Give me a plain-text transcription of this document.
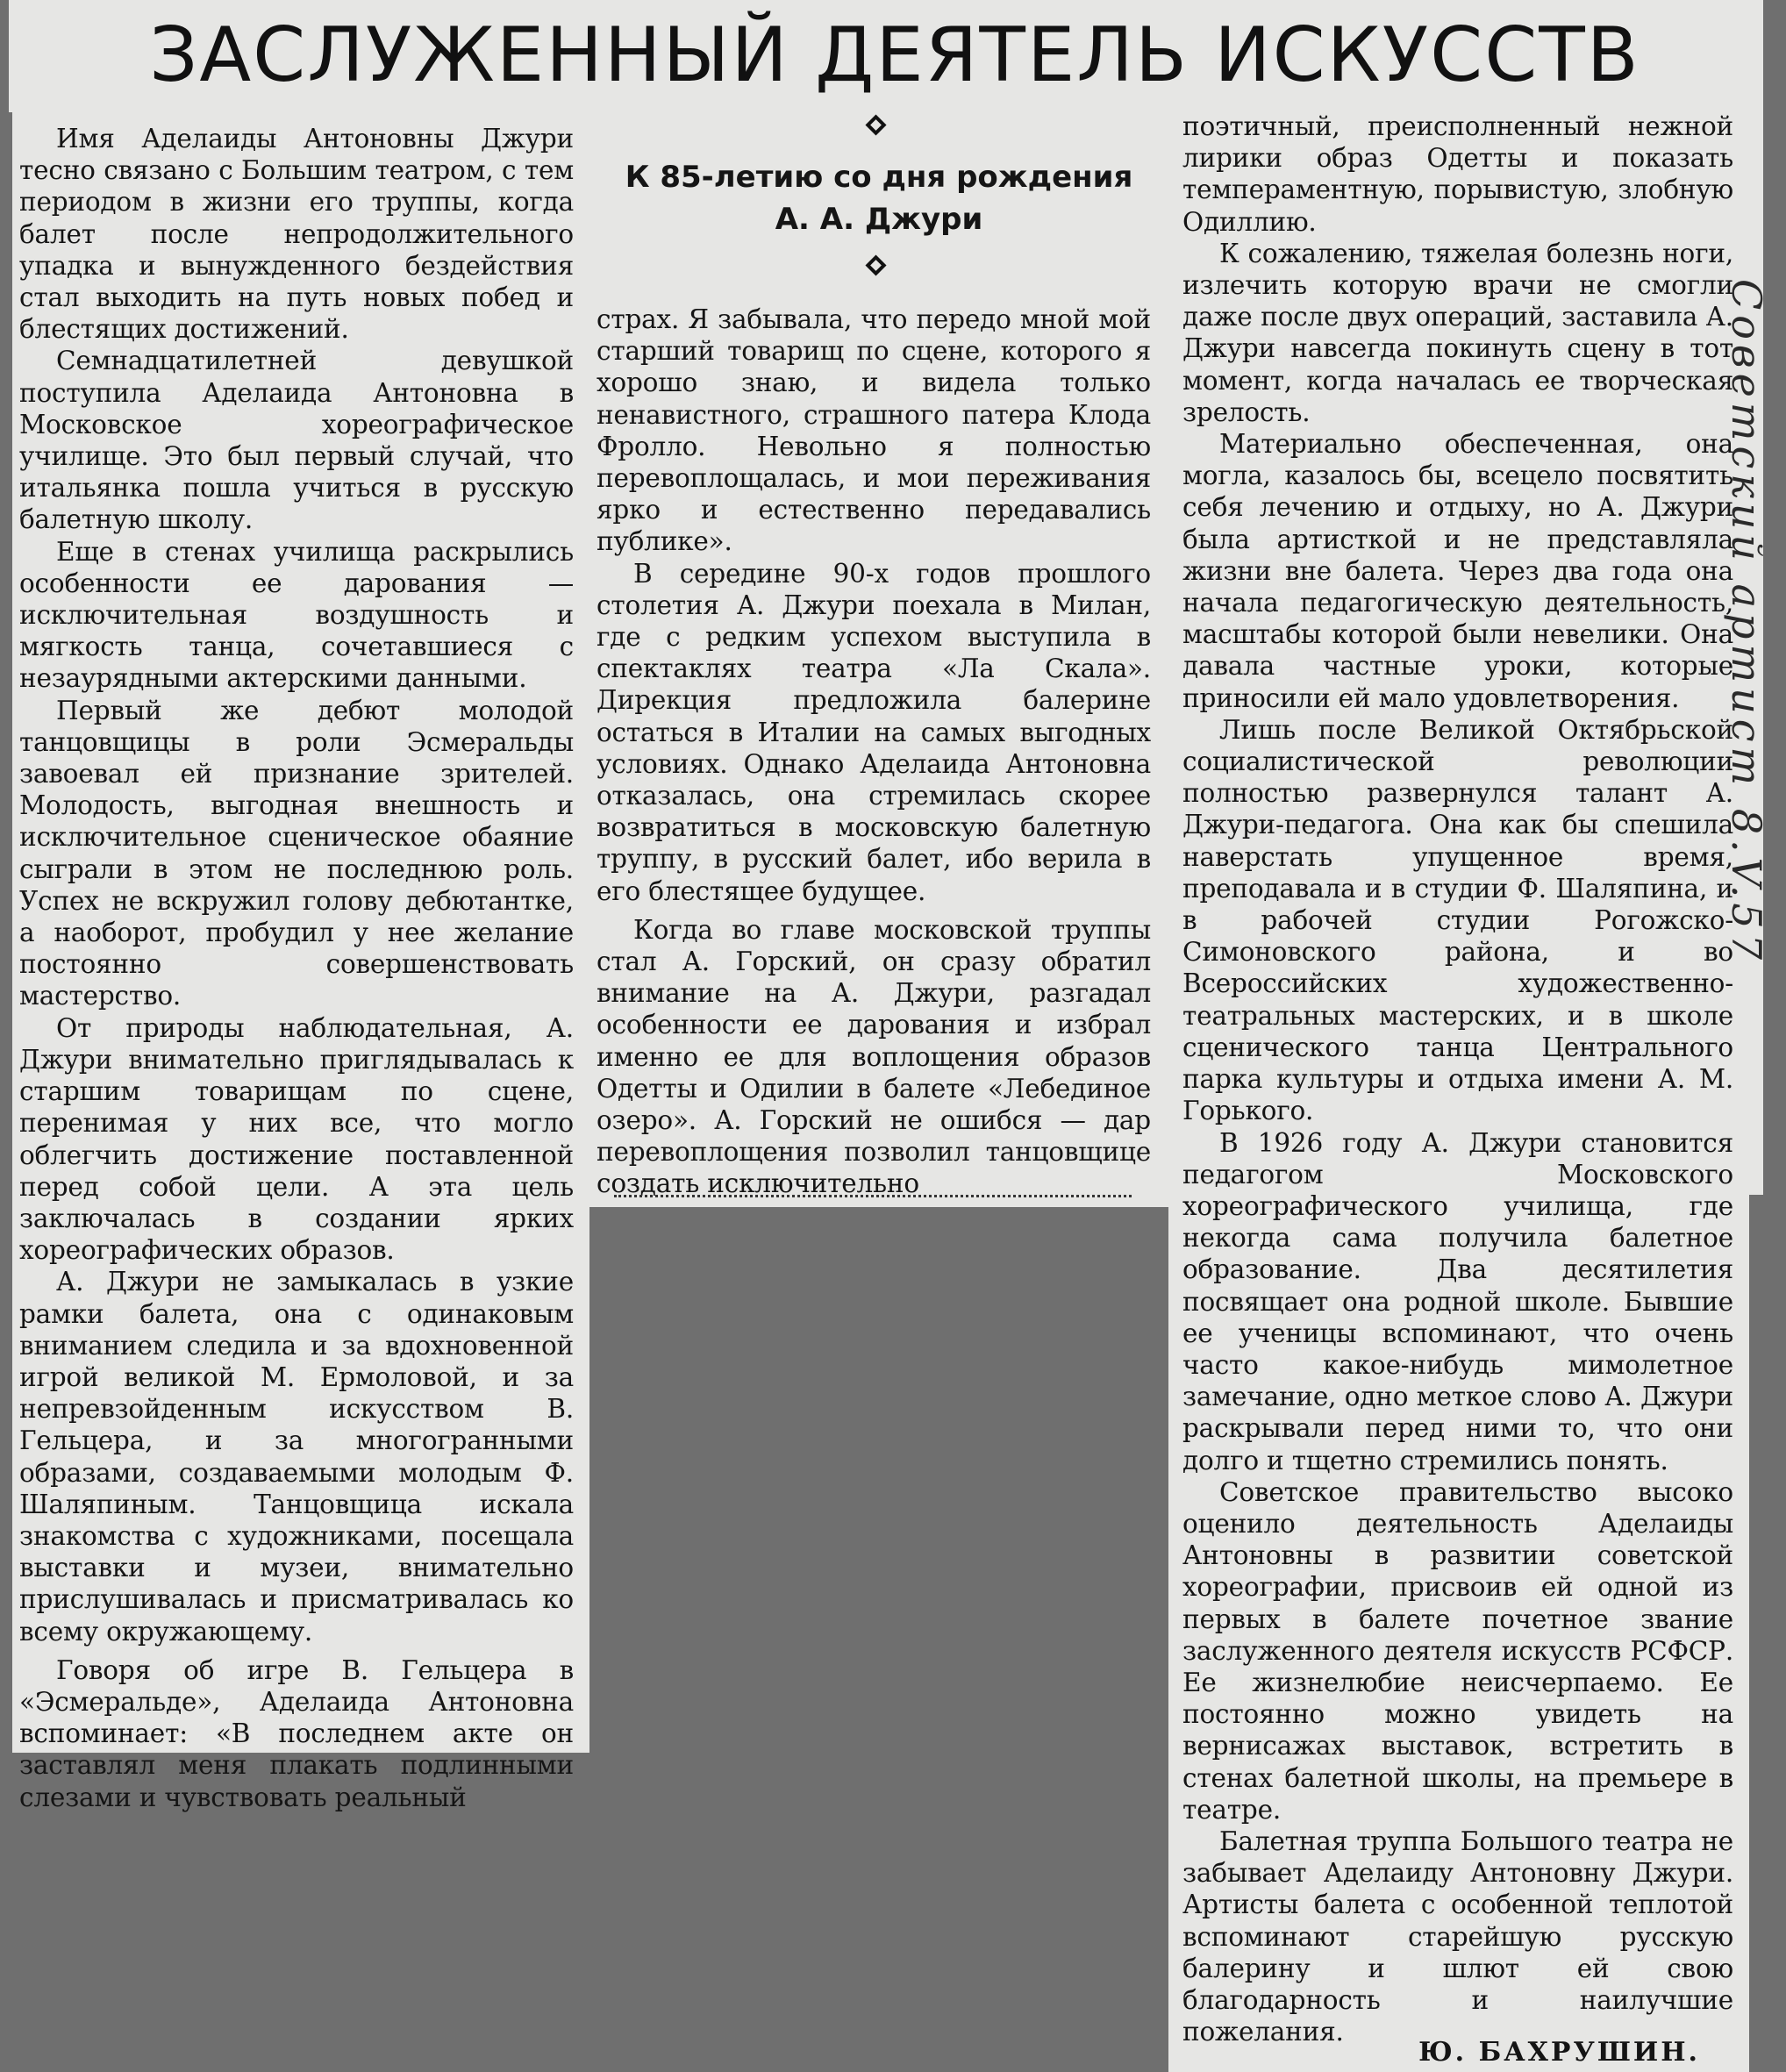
ЗАСЛУЖЕННЫЙ ДЕЯТЕЛЬ ИСКУССТВ
К 85-летию со дня рождения
А. А. Джури

Имя Аделаиды Антоновны Джури тесно связано с Большим театром, с тем периодом в жизни его труппы, когда балет после непродолжительного упадка и вынужденного бездействия стал выходить на путь новых побед и блестящих достижений.

Семнадцатилетней девушкой поступила Аделаида Антоновна в Московское хореографическое училище. Это был первый случай, что итальянка пошла учиться в русскую балетную школу.

Еще в стенах училища раскрылись особенности ее дарования — исключительная воздушность и мягкость танца, сочетавшиеся с незаурядными актерскими данными.

Первый же дебют молодой танцовщицы в роли Эсмеральды завоевал ей признание зрителей. Молодость, выгодная внешность и исключительное сценическое обаяние сыграли в этом не последнюю роль. Успех не вскружил голову дебютантке, а наоборот, пробудил у нее желание постоянно совершенствовать мастерство.

От природы наблюдательная, А. Джури внимательно приглядывалась к старшим товарищам по сцене, перенимая у них все, что могло облегчить достижение поставленной перед собой цели. А эта цель заключалась в создании ярких хореографических образов.

А. Джури не замыкалась в узкие рамки балета, она с одинаковым вниманием следила и за вдохновенной игрой великой М. Ермоловой, и за непревзойденным искусством В. Гельцера, и за многогранными образами, создаваемыми молодым Ф. Шаляпиным. Танцовщица искала знакомства с художниками, посещала выставки и музеи, внимательно прислушивалась и присматривалась ко всему окружающему.

Говоря об игре В. Гельцера в «Эсмеральде», Аделаида Антоновна вспоминает: «В последнем акте он заставлял меня плакать подлинными слезами и чувствовать реальный

страх. Я забывала, что передо мной мой старший товарищ по сцене, которого я хорошо знаю, и видела только ненавистного, страшного патера Клода Фролло. Невольно я полностью перевоплощалась, и мои переживания ярко и естественно передавались публике».

В середине 90-х годов прошлого столетия А. Джури поехала в Милан, где с редким успехом выступила в спектаклях театра «Ла Скала». Дирекция предложила балерине остаться в Италии на самых выгодных условиях. Однако Аделаида Антоновна отказалась, она стремилась скорее возвратиться в московскую балетную труппу, в русский балет, ибо верила в его блестящее будущее.

Когда во главе московской труппы стал А. Горский, он сразу обратил внимание на А. Джури, разгадал особенности ее дарования и избрал именно ее для воплощения образов Одетты и Одилии в балете «Лебединое озеро». А. Горский не ошибся — дар перевоплощения позволил танцовщице создать исключительно

поэтичный, преисполненный нежной лирики образ Одетты и показать темпераментную, порывистую, злобную Одиллию.

К сожалению, тяжелая болезнь ноги, излечить которую врачи не смогли даже после двух операций, заставила А. Джури навсегда покинуть сцену в тот момент, когда началась ее творческая зрелость.

Материально обеспеченная, она могла, казалось бы, всецело посвятить себя лечению и отдыху, но А. Джури была артисткой и не представляла жизни вне балета. Через два года она начала педагогическую деятельность, масштабы которой были невелики. Она давала частные уроки, которые приносили ей мало удовлетворения.

Лишь после Великой Октябрьской социалистической революции полностью развернулся талант А. Джури-педагога. Она как бы спешила наверстать упущенное время, преподавала и в студии Ф. Шаляпина, и в рабочей студии Рогожско-Симоновского района, и во Всероссийских художественно-театральных мастерских, и в школе сценического танца Центрального парка культуры и отдыха имени А. М. Горького.

В 1926 году А. Джури становится педагогом Московского хореографического училища, где некогда сама получила балетное образование. Два десятилетия посвящает она родной школе. Бывшие ее ученицы вспоминают, что очень часто какое-нибудь мимолетное замечание, одно меткое слово А. Джури раскрывали перед ними то, что они долго и тщетно стремились понять.

Советское правительство высоко оценило деятельность Аделаиды Антоновны в развитии советской хореографии, присвоив ей одной из первых в балете почетное звание заслуженного деятеля искусств РСФСР. Ее жизнелюбие неисчерпаемо. Ее постоянно можно увидеть на вернисажах выставок, встретить в стенах балетной школы, на премьере в театре.

Балетная труппа Большого театра не забывает Аделаиду Антоновну Джури. Артисты балета с особенной теплотой вспоминают старейшую русскую балерину и шлют ей свою благодарность и наилучшие пожелания.

Ю. БАХРУШИН.
Советский артист 8.V.57
